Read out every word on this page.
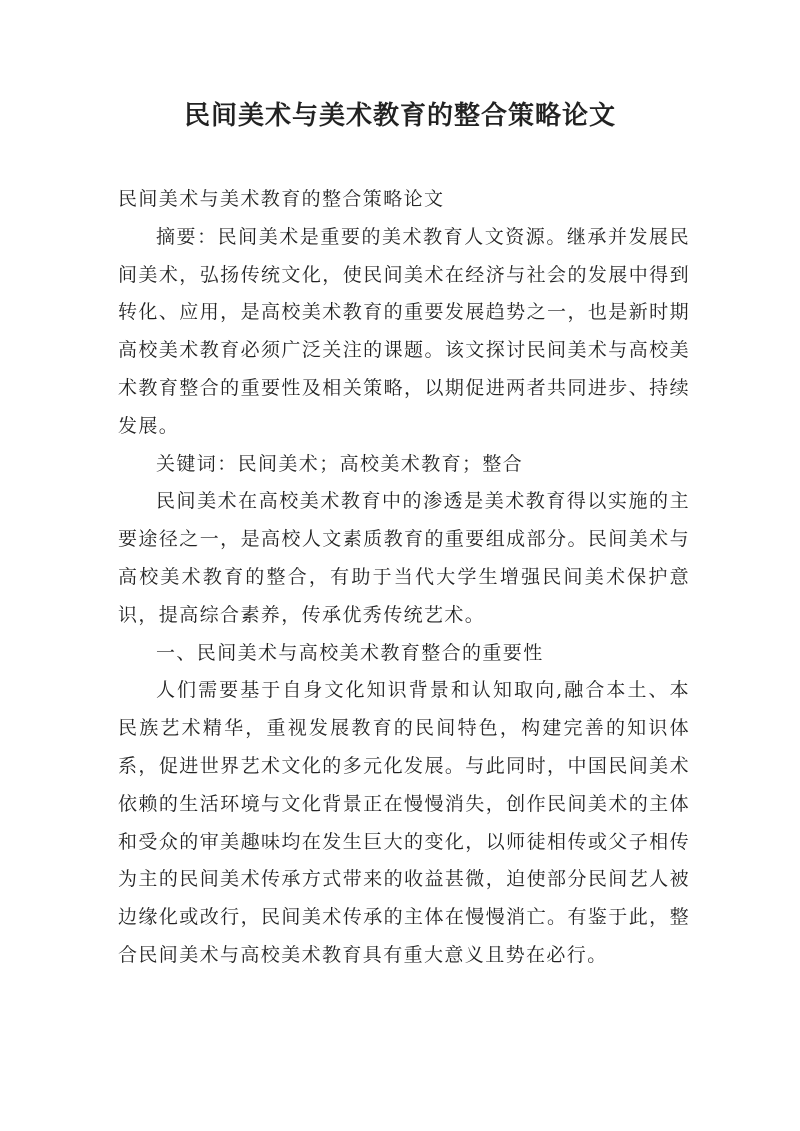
民间美术与美术教育的整合策略论文

民间美术与美术教育的整合策略论文

摘要：民间美术是重要的美术教育人文资源。继承并发展民间美术，弘扬传统文化，使民间美术在经济与社会的发展中得到转化、应用，是高校美术教育的重要发展趋势之一，也是新时期高校美术教育必须广泛关注的课题。该文探讨民间美术与高校美术教育整合的重要性及相关策略，以期促进两者共同进步、持续发展。

关键词：民间美术；高校美术教育；整合

民间美术在高校美术教育中的渗透是美术教育得以实施的主要途径之一，是高校人文素质教育的重要组成部分。民间美术与高校美术教育的整合，有助于当代大学生增强民间美术保护意识，提高综合素养，传承优秀传统艺术。

一、民间美术与高校美术教育整合的重要性

人们需要基于自身文化知识背景和认知取向,融合本土、本民族艺术精华，重视发展教育的民间特色，构建完善的知识体系，促进世界艺术文化的多元化发展。与此同时，中国民间美术依赖的生活环境与文化背景正在慢慢消失，创作民间美术的主体和受众的审美趣味均在发生巨大的变化，以师徒相传或父子相传为主的民间美术传承方式带来的收益甚微，迫使部分民间艺人被边缘化或改行，民间美术传承的主体在慢慢消亡。有鉴于此，整合民间美术与高校美术教育具有重大意义且势在必行。
